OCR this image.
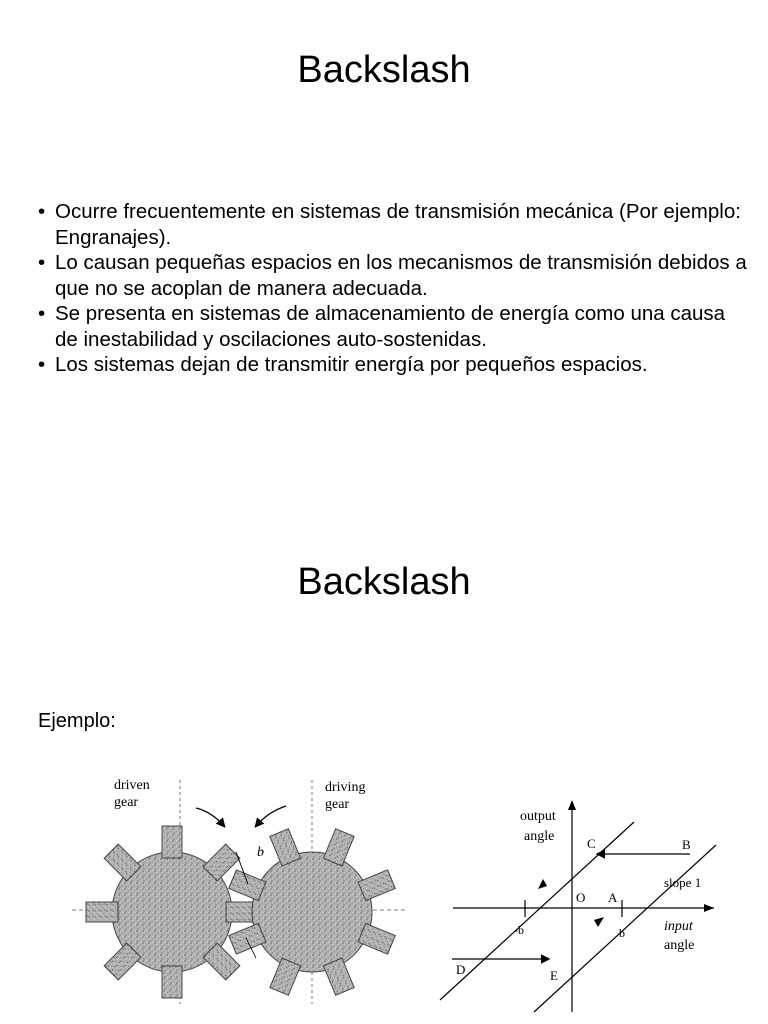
Backslash
• Ocurre frecuentemente en sistemas de transmisión mecánica (Por ejemplo: Engranajes).
• Lo causan pequeñas espacios en los mecanismos de transmisión debidos a que no se acoplan de manera adecuada.
• Se presenta en sistemas de almacenamiento de energía como una causa de inestabilidad y oscilaciones auto-sostenidas.
• Los sistemas dejan de transmitir energía por pequeños espacios.
Backslash
Ejemplo:
driven
gear
driving
gear
b
output
angle
input
angle
C	B
O A
slope 1
-b	b
D	E
